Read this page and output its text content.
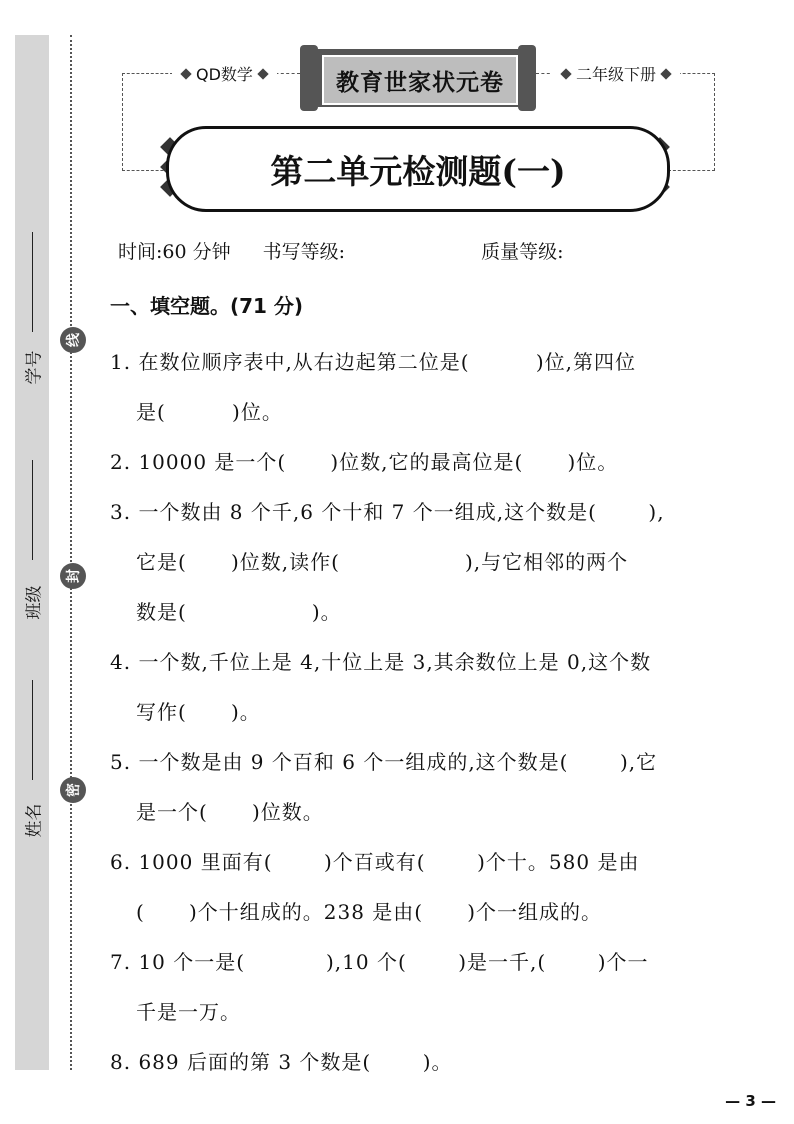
学号
班级
姓名
线
封
密
QD数学	二年级下册
教育世家状元卷
第二单元检测题(一)
时间:60 分钟 书写等级:	质量等级:
一、填空题。(71 分)
1. 在数位顺序表中,从右边起第二位是(         )位,第四位
是(         )位。
2. 10000 是一个(      )位数,它的最高位是(      )位。
3. 一个数由 8 个千,6 个十和 7 个一组成,这个数是(       ),
它是(      )位数,读作(                 ),与它相邻的两个
数是(                 )。
4. 一个数,千位上是 4,十位上是 3,其余数位上是 0,这个数
写作(      )。
5. 一个数是由 9 个百和 6 个一组成的,这个数是(       ),它
是一个(      )位数。
6. 1000 里面有(       )个百或有(       )个十。580 是由
(      )个十组成的。238 是由(      )个一组成的。
7. 10 个一是(           ),10 个(       )是一千,(       )个一
千是一万。
8. 689 后面的第 3 个数是(       )。
— 3 —
